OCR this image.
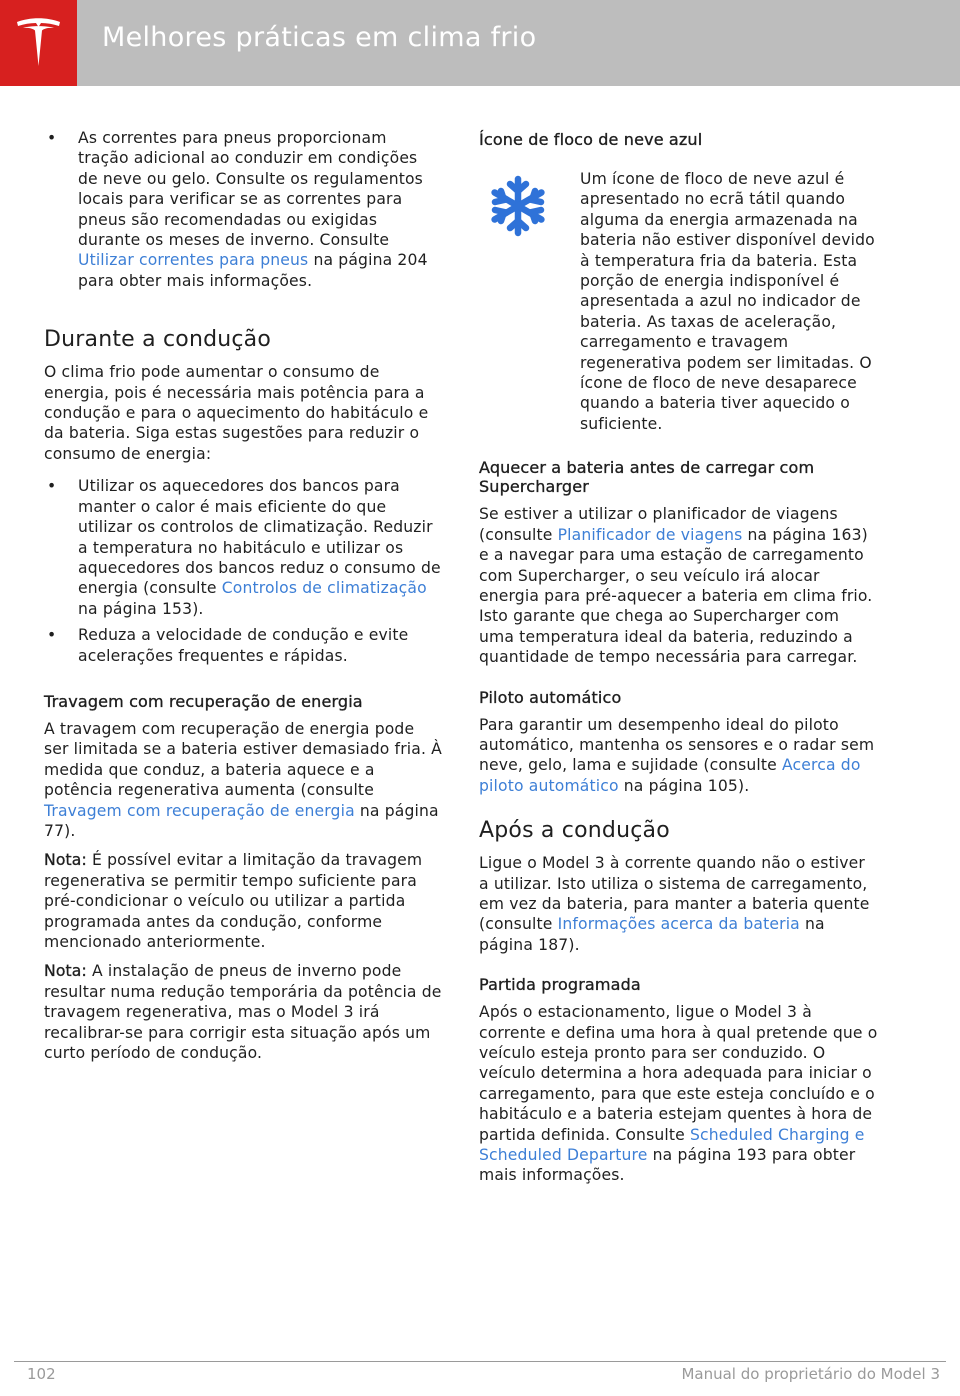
Melhores práticas em clima frio
• As correntes para pneus proporcionam tração adicional ao conduzir em condições de neve ou gelo. Consulte os regulamentos locais para verificar se as correntes para pneus são recomendadas ou exigidas durante os meses de inverno. Consulte Utilizar correntes para pneus na página 204 para obter mais informações.
Durante a condução

O clima frio pode aumentar o consumo de energia, pois é necessária mais potência para a condução e para o aquecimento do habitáculo e da bateria. Siga estas sugestões para reduzir o consumo de energia:

• Utilizar os aquecedores dos bancos para manter o calor é mais eficiente do que utilizar os controlos de climatização. Reduzir a temperatura no habitáculo e utilizar os aquecedores dos bancos reduz o consumo de energia (consulte Controlos de climatização na página 153).
• Reduza a velocidade de condução e evite acelerações frequentes e rápidas.
Travagem com recuperação de energia

A travagem com recuperação de energia pode ser limitada se a bateria estiver demasiado fria. À medida que conduz, a bateria aquece e a potência regenerativa aumenta (consulte Travagem com recuperação de energia na página 77).

Nota: É possível evitar a limitação da travagem regenerativa se permitir tempo suficiente para pré-condicionar o veículo ou utilizar a partida programada antes da condução, conforme mencionado anteriormente.

Nota: A instalação de pneus de inverno pode resultar numa redução temporária da potência de travagem regenerativa, mas o Model 3 irá recalibrar-se para corrigir esta situação após um curto período de condução.

Ícone de floco de neve azul

Um ícone de floco de neve azul é apresentado no ecrã tátil quando alguma da energia armazenada na bateria não estiver disponível devido à temperatura fria da bateria. Esta porção de energia indisponível é apresentada a azul no indicador de bateria. As taxas de aceleração, carregamento e travagem regenerativa podem ser limitadas. O ícone de floco de neve desaparece quando a bateria tiver aquecido o suficiente.

Aquecer a bateria antes de carregar com Supercharger

Se estiver a utilizar o planificador de viagens (consulte Planificador de viagens na página 163) e a navegar para uma estação de carregamento com Supercharger, o seu veículo irá alocar energia para pré-aquecer a bateria em clima frio. Isto garante que chega ao Supercharger com uma temperatura ideal da bateria, reduzindo a quantidade de tempo necessária para carregar.

Piloto automático

Para garantir um desempenho ideal do piloto automático, mantenha os sensores e o radar sem neve, gelo, lama e sujidade (consulte Acerca do piloto automático na página 105).

Após a condução

Ligue o Model 3 à corrente quando não o estiver a utilizar. Isto utiliza o sistema de carregamento, em vez da bateria, para manter a bateria quente (consulte Informações acerca da bateria na página 187).

Partida programada

Após o estacionamento, ligue o Model 3 à corrente e defina uma hora à qual pretende que o veículo esteja pronto para ser conduzido. O veículo determina a hora adequada para iniciar o carregamento, para que este esteja concluído e o habitáculo e a bateria estejam quentes à hora de partida definida. Consulte Scheduled Charging e Scheduled Departure na página 193 para obter mais informações.

102	Manual do proprietário do Model 3
